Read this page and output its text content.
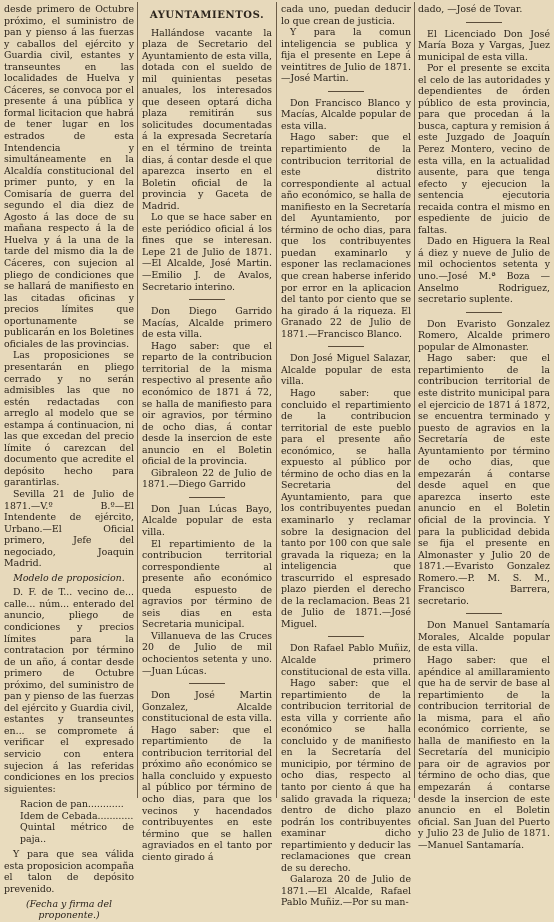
desde primero de Octubre próximo, el suministro de pan y pienso á las fuerzas y caballos del ejército y Guardia civil, estantes y transeuntes en las localidades de Huelva y Cáceres, se convoca por el presente á una pública y formal licitacion que habrá de tener lugar en los estrados de esta Intendencia y simultáneamente en la Alcaldía constitucional del primer punto, y en la Comisaría de guerra del segundo el dia diez de Agosto á las doce de su mañana respecto á la de Huelva y á la una de la tarde del mismo dia la de Cáceres, con sujecion al pliego de condiciones que se hallará de manifiesto en las citadas oficinas y precios límites que oportunamente se publicarán en los Boletines oficiales de las provincias.

Las proposiciones se presentarán en pliego cerrado y no serán admisibles las que no estén redactadas con arreglo al modelo que se estampa á continuacion, ni las que excedan del precio límite ó carezcan del documento que acredite el depósito hecho para garantirlas.

Sevilla 21 de Julio de 1871.—V.º B.º—El Intendente de ejército, Urbano.—El Oficial primero, Jefe del negociado, Joaquin Madrid.

Modelo de proposicion.

D. F. de T... vecino de... calle... núm... enterado del anuncio, pliego de condiciones y precios límites para la contratacion por término de un año, á contar desde primero de Octubre próximo, del suministro de pan y pienso de las fuerzas del ejército y Guardia civil, estantes y transeuntes en... se compromete á verificar el expresado servicio con entera sujecion á las referidas condiciones en los precios siguientes:

Racion de pan............

Idem de Cebada............

Quintal métrico de paja..

Y para que sea válida esta proposicion acompaña el talon de depósito prevenido.

(Fecha y firma del proponente.)

AYUNTAMIENTOS.

Hallándose vacante la plaza de Secretario del Ayuntamiento de esta villa, dotada con el sueldo de mil quinientas pesetas anuales, los interesados que deseen optará dicha plaza remitirán sus solicitudes documentadas á la expresada Secretaría en el término de treinta dias, á contar desde el que aparezca inserto en el Boletin oficial de la provincia y Gaceta de Madrid.

Lo que se hace saber en este periódico oficial á los fines que se interesan. Lepe 21 de Julio de 1871.—El Alcalde, José Martin.—Emilio J. de Avalos, Secretario interino.

Don Diego Garrido Macías, Alcalde primero de esta villa.

Hago saber: que el reparto de la contribucion territorial de la misma respectivo al presente año económico de 1871 á 72, se halla de manifiesto para oir agravios, por término de ocho dias, á contar desde la insercion de este anuncio en el Boletin oficial de la provincia.

Gibraleon 22 de Julio de 1871.—Diego Garrido

Don Juan Lúcas Bayo, Alcalde popular de esta villa.

El repartimiento de la contribucion territorial correspondiente al presente año económico queda espuesto de agravios por término de seis dias en esta Secretaria municipal.

Villanueva de las Cruces 20 de Julio de mil ochocientos setenta y uno.—Juan Lúcas.

Don José Martin Gonzalez, Alcalde constitucional de esta villa.

Hago saber: que el repartimiento de la contribucion territorial del próximo año económico se halla concluido y expuesto al público por término de ocho dias, para que los vecinos y hacendados contribuyentes en este término que se hallen agraviados en el tanto por ciento girado á

cada uno, puedan deducir lo que crean de justicia.

Y para la comun inteligencia se publica y fija el presente en Lepe á veintitres de Julio de 1871.—José Martin.

Don Francisco Blanco y Macías, Alcalde popular de esta villa.

Hago saber: que el repartimiento de la contribucion territorial de este distrito correspondiente al actual año económico, se halla de manifiesto en la Secretaría del Ayuntamiento, por término de ocho dias, para que los contribuyentes puedan examinarlo y esponer las reclamaciones que crean haberse inferido por error en la aplicacion del tanto por ciento que se ha girado á la riqueza. El Granado 22 de Julio de 1871.—Francisco Blanco.

Don José Miguel Salazar, Alcalde popular de esta villa.

Hago saber: que concluido el repartimiento de la contribucion territorial de este pueblo para el presente año económico, se halla expuesto al público por término de ocho dias en la Secretaria del Ayuntamiento, para que los contribuyentes puedan examinarlo y reclamar sobre la designacion del tanto por 100 con que sale gravada la riqueza; en la inteligencia que trascurrido el espresado plazo pierden el derecho de la reclamacion. Beas 21 de Julio de 1871.—José Miguel.

Don Rafael Pablo Muñiz, Alcalde primero constitucional de esta villa.

Hago saber: que el repartimiento de la contribucion territorial de esta villa y corriente año económico se halla concluido y de manifiesto en la Secretaría del municipio, por término de ocho dias, respecto al tanto por ciento á que ha salido gravada la riqueza; dentro de dicho plazo podrán los contribuyentes examinar dicho repartimiento y deducir las reclamaciones que crean de su derecho.

Galaroza 20 de Julio de 1871.—El Alcalde, Rafael Pablo Muñiz.—Por su man-

dado, —José de Tovar.

El Licenciado Don José María Boza y Vargas, Juez municipal de esta villa.

Por el presente se excita el celo de las autoridades y dependientes de órden público de esta provincia, para que procedan á la busca, captura y remision á este Juzgado de Joaquín Perez Montero, vecino de esta villa, en la actualidad ausente, para que tenga efecto y ejecucion la sentencia ejecutoria recaida contra el mismo en espediente de juicio de faltas.

Dado en Higuera la Real á diez y nueve de Julio de mil ochocientos setenta y uno.—José M.ª Boza —Anselmo Rodriguez, secretario suplente.

Don Evaristo Gonzalez Romero, Alcalde primero popular de Almonaster.

Hago saber: que el repartimiento de la contribucion territorial de este distrito municipal para el ejercicio de 1871 á 1872, se encuentra terminado y puesto de agravios en la Secretaría de este Ayuntamiento por término de ocho dias, que empezarán á contarse desde aquel en que aparezca inserto este anuncio en el Boletin oficial de la provincia. Y para la publicidad debida se fija el presente en Almonaster y Julio 20 de 1871.—Evaristo Gonzalez Romero.—P. M. S. M., Francisco Barrera, secretario.

Don Manuel Santamaría Morales, Alcalde popular de esta villa.

Hago saber: que el apéndice al amillaramiento que ha de servir de base al repartimiento de la contribucion territorial de la misma, para el año económico corriente, se halla de manifiesto en la Secretaría del municipio para oir de agravios por término de ocho dias, que empezarán á contarse desde la insercion de este anuncio en el Boletin oficial. San Juan del Puerto y Julio 23 de Julio de 1871.—Manuel Santamaría.
